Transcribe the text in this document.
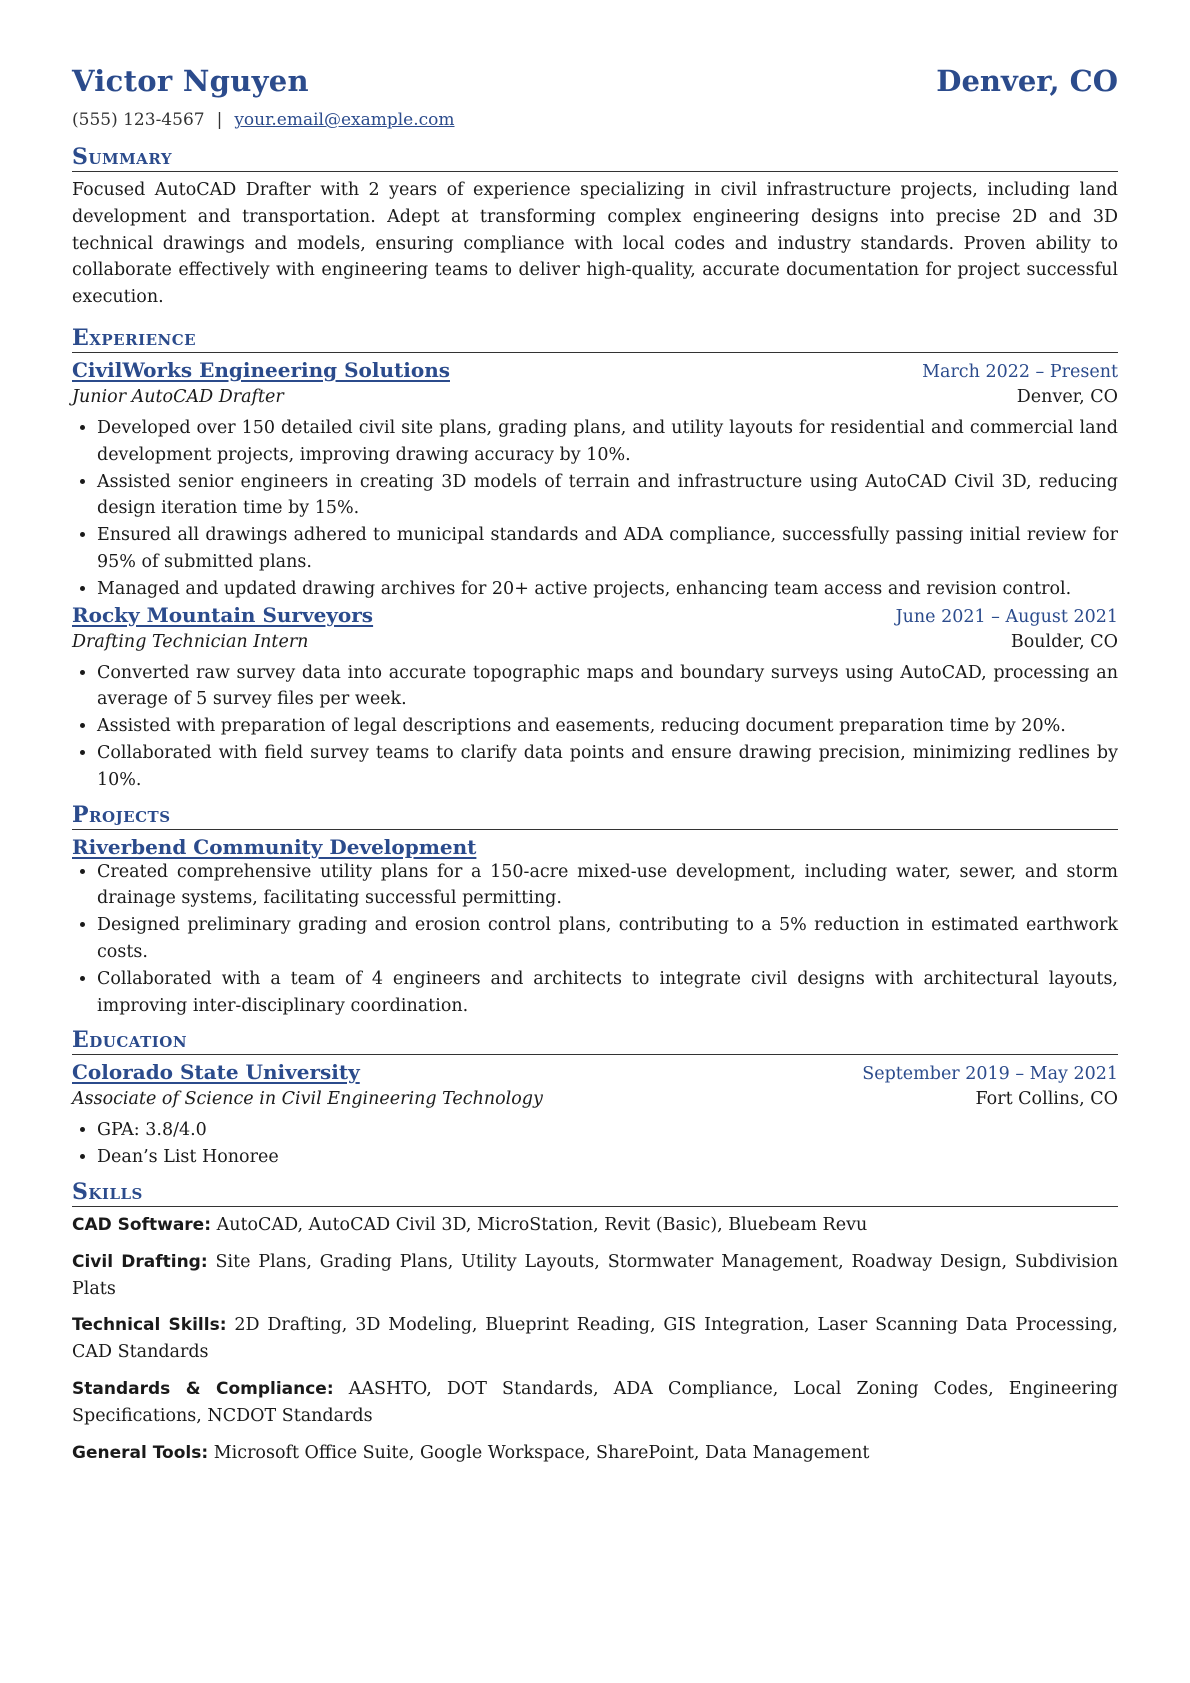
Victor Nguyen	Denver, CO
(555) 123-4567 | your.email@example.com
Summary

Focused AutoCAD Drafter with 2 years of experience specializing in civil infrastructure projects, including land development and transportation. Adept at transforming complex engineering designs into precise 2D and 3D technical drawings and models, ensuring compliance with local codes and industry standards. Proven ability to collaborate effectively with engineering teams to deliver high-quality, accurate documentation for project successful execution.

Experience
CivilWorks Engineering Solutions	March 2022 – Present
Junior AutoCAD Drafter	Denver, CO
• Developed over 150 detailed civil site plans, grading plans, and utility layouts for residential and commercial land development projects, improving drawing accuracy by 10%.
• Assisted senior engineers in creating 3D models of terrain and infrastructure using AutoCAD Civil 3D, reducing design iteration time by 15%.
• Ensured all drawings adhered to municipal standards and ADA compliance, successfully passing initial review for 95% of submitted plans.
• Managed and updated drawing archives for 20+ active projects, enhancing team access and revision control.
Rocky Mountain Surveyors	June 2021 – August 2021
Drafting Technician Intern	Boulder, CO
• Converted raw survey data into accurate topographic maps and boundary surveys using AutoCAD, processing an average of 5 survey files per week.
• Assisted with preparation of legal descriptions and easements, reducing document preparation time by 20%.
• Collaborated with field survey teams to clarify data points and ensure drawing precision, minimizing redlines by 10%.
Projects
Riverbend Community Development
• Created comprehensive utility plans for a 150-acre mixed-use development, including water, sewer, and storm drainage systems, facilitating successful permitting.
• Designed preliminary grading and erosion control plans, contributing to a 5% reduction in estimated earthwork costs.
• Collaborated with a team of 4 engineers and architects to integrate civil designs with architectural layouts, improving inter-disciplinary coordination.
Education
Colorado State University	September 2019 – May 2021
Associate of Science in Civil Engineering Technology	Fort Collins, CO
• GPA: 3.8/4.0
• Dean’s List Honoree
Skills

CAD Software: AutoCAD, AutoCAD Civil 3D, MicroStation, Revit (Basic), Bluebeam Revu

Civil Drafting: Site Plans, Grading Plans, Utility Layouts, Stormwater Management, Roadway Design, Subdivision Plats

Technical Skills: 2D Drafting, 3D Modeling, Blueprint Reading, GIS Integration, Laser Scanning Data Processing, CAD Standards

Standards & Compliance: AASHTO, DOT Standards, ADA Compliance, Local Zoning Codes, Engineering Specifications, NCDOT Standards

General Tools: Microsoft Office Suite, Google Workspace, SharePoint, Data Management
